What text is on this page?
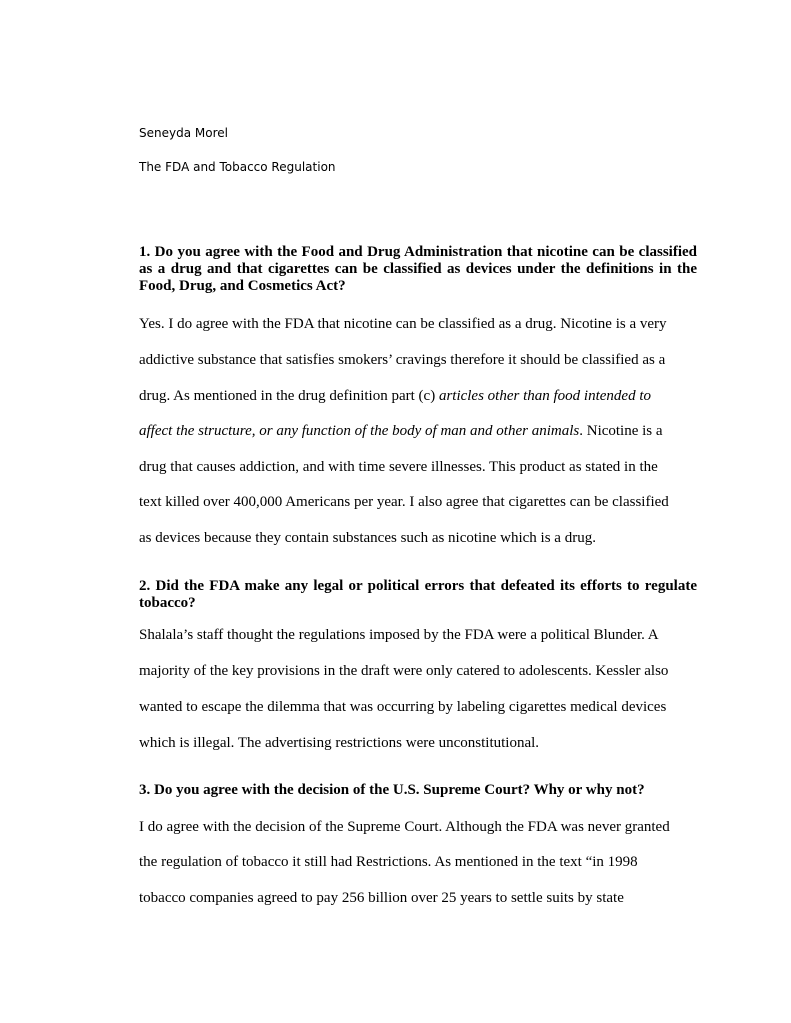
Seneyda Morel
The FDA and Tobacco Regulation
1. Do you agree with the Food and Drug Administration that nicotine can be classified as a drug and that cigarettes can be classified as devices under the definitions in the Food, Drug, and Cosmetics Act?
Yes. I do agree with the FDA that nicotine can be classified as a drug. Nicotine is a very
addictive substance that satisfies smokers’ cravings therefore it should be classified as a
drug. As mentioned in the drug definition part (c) articles other than food intended to
affect the structure, or any function of the body of man and other animals. Nicotine is a
drug that causes addiction, and with time severe illnesses. This product as stated in the
text killed over 400,000 Americans per year. I also agree that cigarettes can be classified
as devices because they contain substances such as nicotine which is a drug.
2. Did the FDA make any legal or political errors that defeated its efforts to regulate tobacco?
Shalala’s staff thought the regulations imposed by the FDA were a political Blunder. A
majority of the key provisions in the draft were only catered to adolescents. Kessler also
wanted to escape the dilemma that was occurring by labeling cigarettes medical devices
which is illegal. The advertising restrictions were unconstitutional.
3. Do you agree with the decision of the U.S. Supreme Court? Why or why not?
I do agree with the decision of the Supreme Court. Although the FDA was never granted
the regulation of tobacco it still had Restrictions. As mentioned in the text “in 1998
tobacco companies agreed to pay 256 billion over 25 years to settle suits by state
